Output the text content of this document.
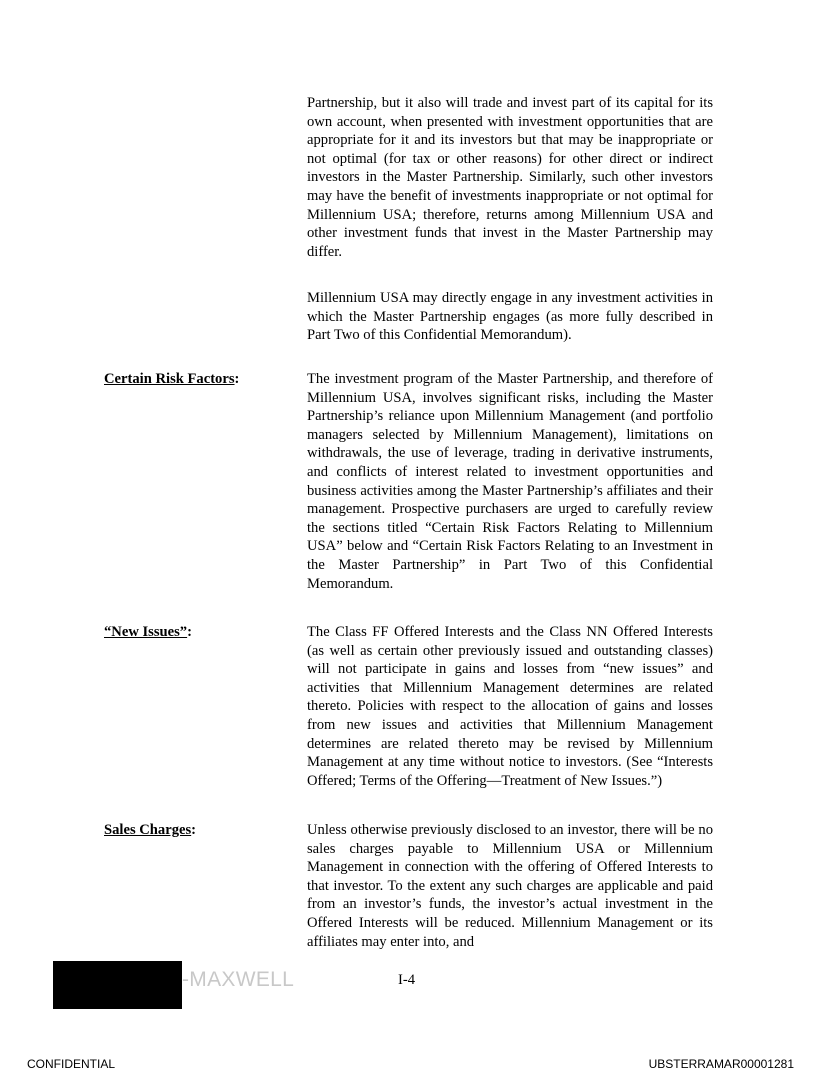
Partnership, but it also will trade and invest part of its capital for its own account, when presented with investment opportunities that are appropriate for it and its investors but that may be inappropriate or not optimal (for tax or other reasons) for other direct or indirect investors in the Master Partnership. Similarly, such other investors may have the benefit of investments inappropriate or not optimal for Millennium USA; therefore, returns among Millennium USA and other investment funds that invest in the Master Partnership may differ.

Millennium USA may directly engage in any investment activities in which the Master Partnership engages (as more fully described in Part Two of this Confidential Memorandum).

Certain Risk Factors:	The investment program of the Master Partnership, and therefore of Millennium USA, involves significant risks, including the Master Partnership’s reliance upon Millennium Management (and portfolio managers selected by Millennium Management), limitations on withdrawals, the use of leverage, trading in derivative instruments, and conflicts of interest related to investment opportunities and business activities among the Master Partnership’s affiliates and their management. Prospective purchasers are urged to carefully review the sections titled “Certain Risk Factors Relating to Millennium USA” below and “Certain Risk Factors Relating to an Investment in the Master Partnership” in Part Two of this Confidential Memorandum.

“New Issues”:	The Class FF Offered Interests and the Class NN Offered Interests (as well as certain other previously issued and outstanding classes) will not participate in gains and losses from “new issues” and activities that Millennium Management determines are related thereto. Policies with respect to the allocation of gains and losses from new issues and activities that Millennium Management determines are related thereto may be revised by Millennium Management at any time without notice to investors. (See “Interests Offered; Terms of the Offering—Treatment of New Issues.”)

Sales Charges:	Unless otherwise previously disclosed to an investor, there will be no sales charges payable to Millennium USA or Millennium Management in connection with the offering of Offered Interests to that investor. To the extent any such charges are applicable and paid from an investor’s funds, the investor’s actual investment in the Offered Interests will be reduced. Millennium Management or its affiliates may enter into, and

-MAXWELL	I-4
CONFIDENTIAL	UBSTERRAMAR00001281
